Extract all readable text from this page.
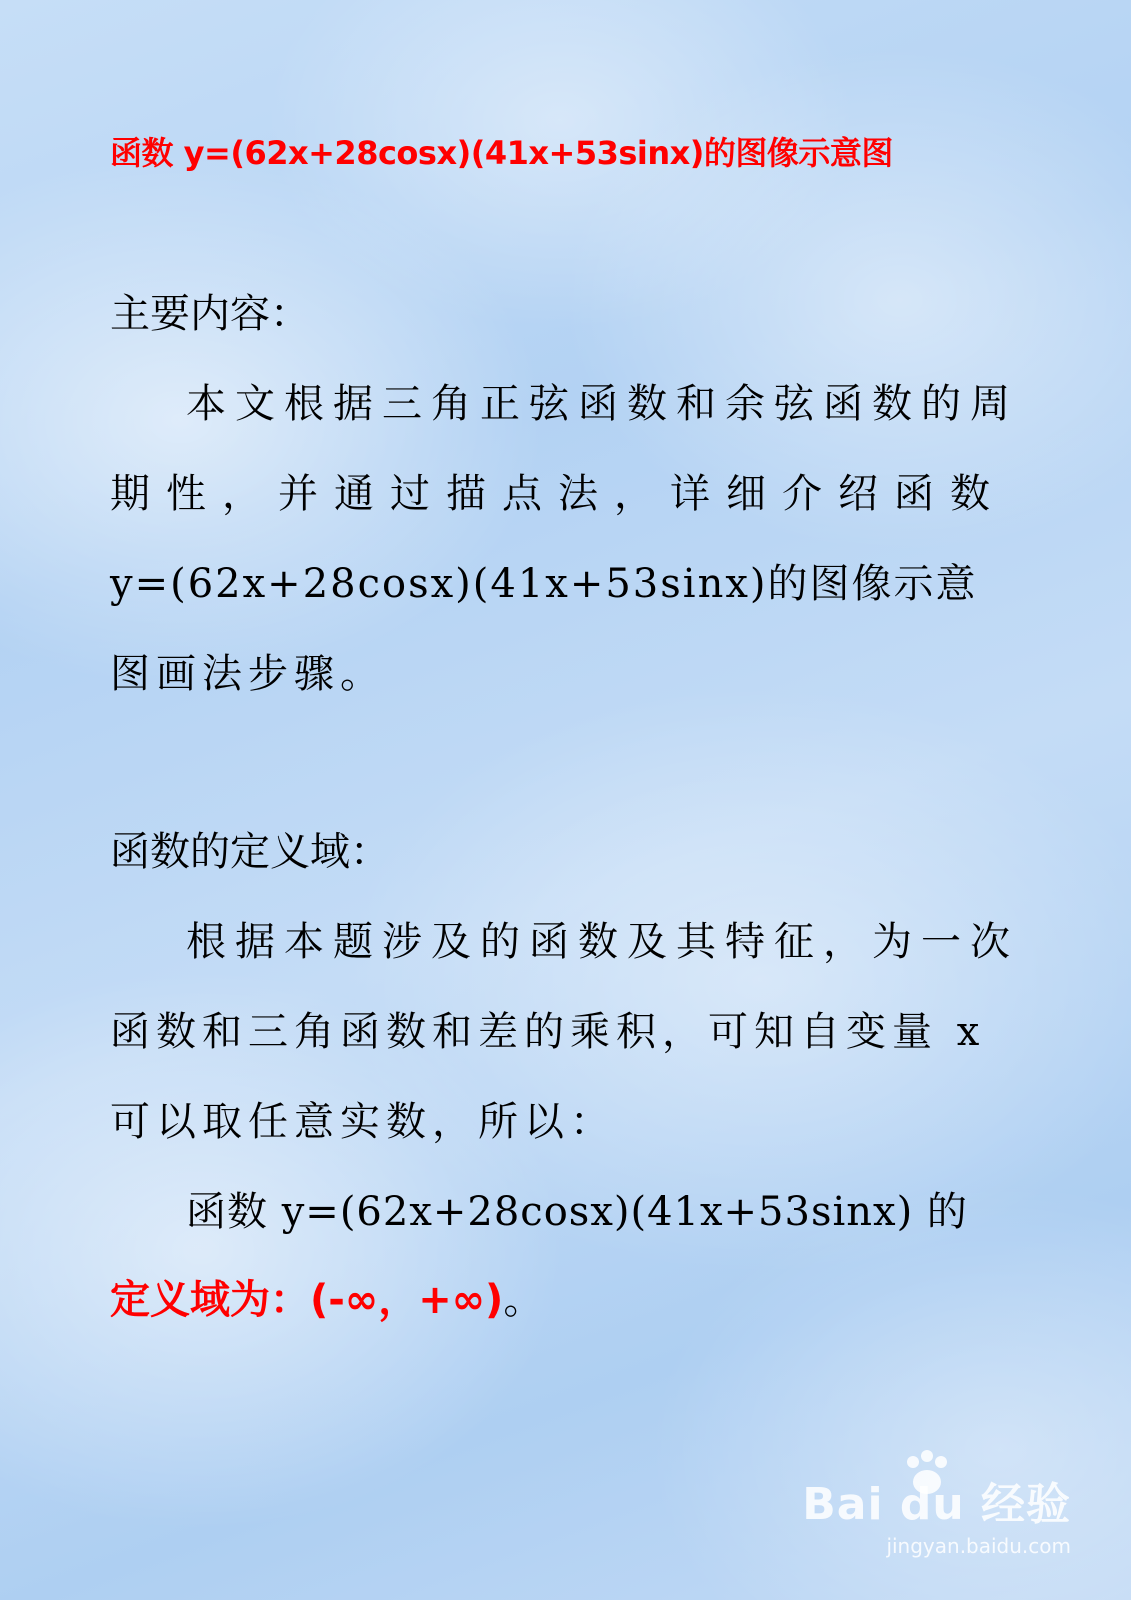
函数 y=(62x+28cosx)(41x+53sinx)的图像示意图
主要内容：
本文根据三角正弦函数和余弦函数的周
期性，并通过描点法，详细介绍函数
y=(62x+28cosx)(41x+53sinx)的图像示意
图画法步骤。
函数的定义域：
根据本题涉及的函数及其特征，为一次
函数和三角函数和差的乘积，可知自变量 x
可以取任意实数，所以：
函数 y=(62x+28cosx)(41x+53sinx) 的
定义域为：(-∞，+∞)。
Bai du 经验
jingyan.baidu.com
